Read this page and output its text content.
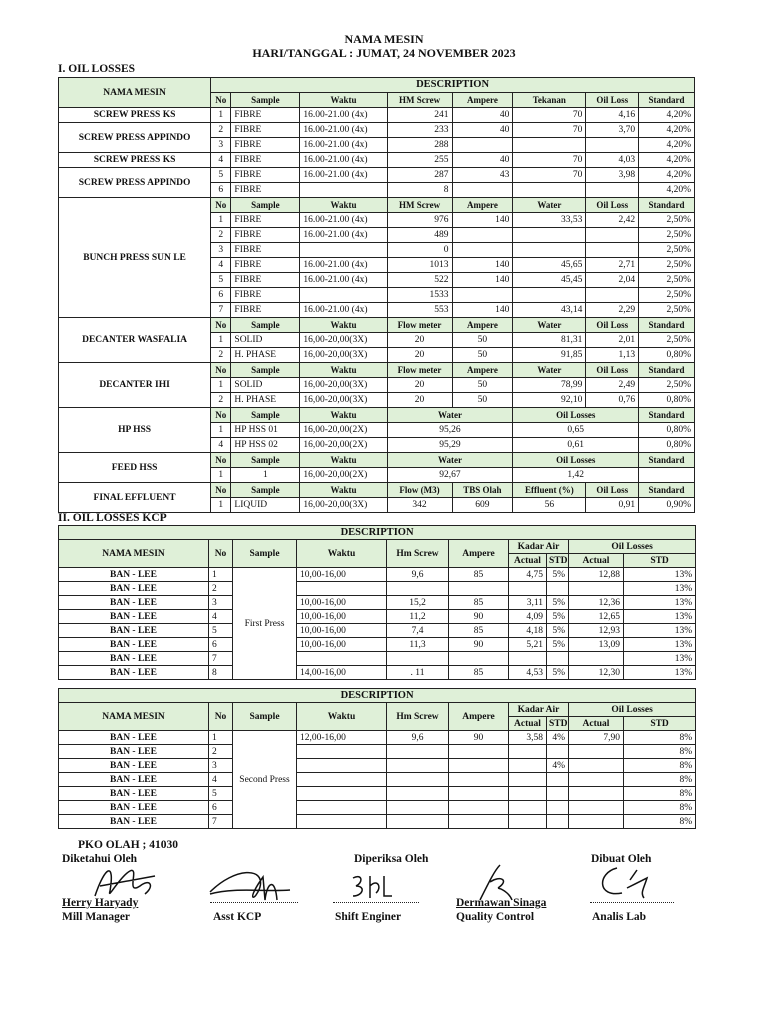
NAMA MESIN
HARI/TANGGAL : JUMAT, 24 NOVEMBER 2023
I. OIL LOSSES
NAMA MESIN	DESCRIPTION							
	No	Sample	Waktu	HM Screw	Ampere	Tekanan	Oil Loss	Standard
SCREW PRESS KS	1	FIBRE	16.00-21.00 (4x)	241	40	70	4,16	4,20%
SCREW PRESS APPINDO	2	FIBRE	16.00-21.00 (4x)	233	40	70	3,70	4,20%
	3	FIBRE	16.00-21.00 (4x)	288				4,20%
SCREW PRESS KS	4	FIBRE	16.00-21.00 (4x)	255	40	70	4,03	4,20%
SCREW PRESS APPINDO	5	FIBRE	16.00-21.00 (4x)	287	43	70	3,98	4,20%
	6	FIBRE		8				4,20%
BUNCH PRESS SUN LE	No	Sample	Waktu	HM Screw	Ampere	Water	Oil Loss	Standard
	1	FIBRE	16.00-21.00 (4x)	976	140	33,53	2,42	2,50%
	2	FIBRE	16.00-21.00 (4x)	489				2,50%
	3	FIBRE		0				2,50%
	4	FIBRE	16.00-21.00 (4x)	1013	140	45,65	2,71	2,50%
	5	FIBRE	16.00-21.00 (4x)	522	140	45,45	2,04	2,50%
	6	FIBRE		1533				2,50%
	7	FIBRE	16.00-21.00 (4x)	553	140	43,14	2,29	2,50%
DECANTER WASFALIA	No	Sample	Waktu	Flow meter	Ampere	Water	Oil Loss	Standard
	1	SOLID	16,00-20,00(3X)	20	50	81,31	2,01	2,50%
	2	H. PHASE	16,00-20,00(3X)	20	50	91,85	1,13	0,80%
DECANTER IHI	No	Sample	Waktu	Flow meter	Ampere	Water	Oil Loss	Standard
	1	SOLID	16,00-20,00(3X)	20	50	78,99	2,49	2,50%
	2	H. PHASE	16,00-20,00(3X)	20	50	92,10	0,76	0,80%
HP HSS	No	Sample	Waktu	Water		Oil Losses		Standard
	1	HP HSS 01	16,00-20,00(2X)	95,26		0,65		0,80%
	4	HP HSS 02	16,00-20,00(2X)	95,29		0,61		0,80%
FEED HSS	No	Sample	Waktu	Water		Oil Losses		Standard
	1	1	16,00-20,00(2X)	92,67		1,42		
FINAL EFFLUENT	No	Sample	Waktu	Flow (M3)	TBS Olah	Effluent (%)	Oil Loss	Standard
	1	LIQUID	16,00-20,00(3X)	342	609	56	0,91	0,90%
II. OIL LOSSES KCP
DESCRIPTION									
NAMA MESIN	No	Sample	Waktu	Hm Screw	Ampere	Kadar Air		Oil Losses	
						Actual	STD	Actual	STD
BAN - LEE	1	First Press	10,00-16,00	9,6	85	4,75	5%	12,88	13%
BAN - LEE	2								13%
BAN - LEE	3		10,00-16,00	15,2	85	3,11	5%	12,36	13%
BAN - LEE	4		10,00-16,00	11,2	90	4,09	5%	12,65	13%
BAN - LEE	5		10,00-16,00	7,4	85	4,18	5%	12,93	13%
BAN - LEE	6		10,00-16,00	11,3	90	5,21	5%	13,09	13%
BAN - LEE	7								13%
BAN - LEE	8		14,00-16,00	. 11	85	4,53	5%	12,30	13%
DESCRIPTION									
NAMA MESIN	No	Sample	Waktu	Hm Screw	Ampere	Kadar Air		Oil Losses	
						Actual	STD	Actual	STD
BAN - LEE	1	Second Press	12,00-16,00	9,6	90	3,58	4%	7,90	8%
BAN - LEE	2								8%
BAN - LEE	3						4%		8%
BAN - LEE	4								8%
BAN - LEE	5								8%
BAN - LEE	6								8%
BAN - LEE	7								8%
PKO OLAH ; 41030
Diketahui Oleh	Diperiksa Oleh	Dibuat Oleh
Herry Haryady
Mill Manager	Asst KCP	Shift Enginer
Dermawan Sinaga
Quality Control	Analis Lab
